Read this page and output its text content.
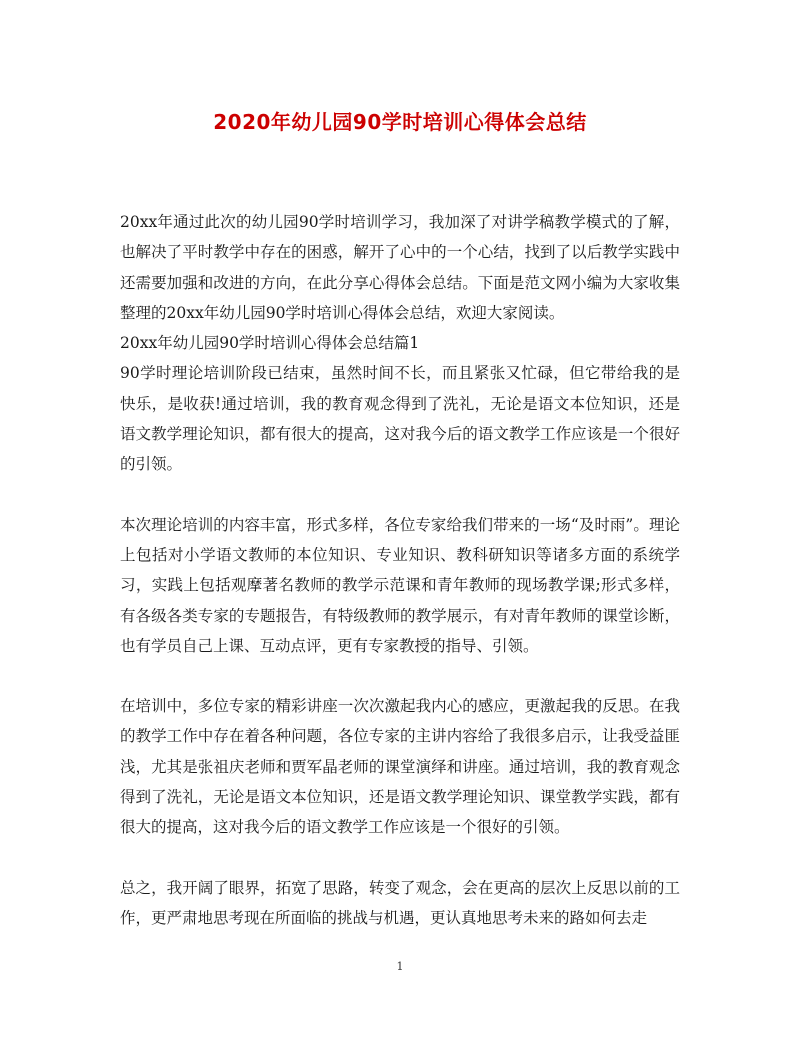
2020年幼儿园90学时培训心得体会总结

20xx年通过此次的幼儿园90学时培训学习，我加深了对讲学稿教学模式的了解，也解决了平时教学中存在的困惑，解开了心中的一个心结，找到了以后教学实践中还需要加强和改进的方向，在此分享心得体会总结。下面是范文网小编为大家收集整理的20xx年幼儿园90学时培训心得体会总结，欢迎大家阅读。

20xx年幼儿园90学时培训心得体会总结篇1

90学时理论培训阶段已结束，虽然时间不长，而且紧张又忙碌，但它带给我的是快乐，是收获!通过培训，我的教育观念得到了洗礼，无论是语文本位知识，还是语文教学理论知识，都有很大的提高，这对我今后的语文教学工作应该是一个很好的引领。

本次理论培训的内容丰富，形式多样，各位专家给我们带来的一场“及时雨”。理论上包括对小学语文教师的本位知识、专业知识、教科研知识等诸多方面的系统学习，实践上包括观摩著名教师的教学示范课和青年教师的现场教学课;形式多样，有各级各类专家的专题报告，有特级教师的教学展示，有对青年教师的课堂诊断，也有学员自己上课、互动点评，更有专家教授的指导、引领。

在培训中，多位专家的精彩讲座一次次激起我内心的感应，更激起我的反思。在我的教学工作中存在着各种问题，各位专家的主讲内容给了我很多启示，让我受益匪浅，尤其是张祖庆老师和贾军晶老师的课堂演绎和讲座。通过培训，我的教育观念得到了洗礼，无论是语文本位知识，还是语文教学理论知识、课堂教学实践，都有很大的提高，这对我今后的语文教学工作应该是一个很好的引领。

总之，我开阔了眼界，拓宽了思路，转变了观念，会在更高的层次上反思以前的工作，更严肃地思考现在所面临的挑战与机遇，更认真地思考未来的路如何去走

1
